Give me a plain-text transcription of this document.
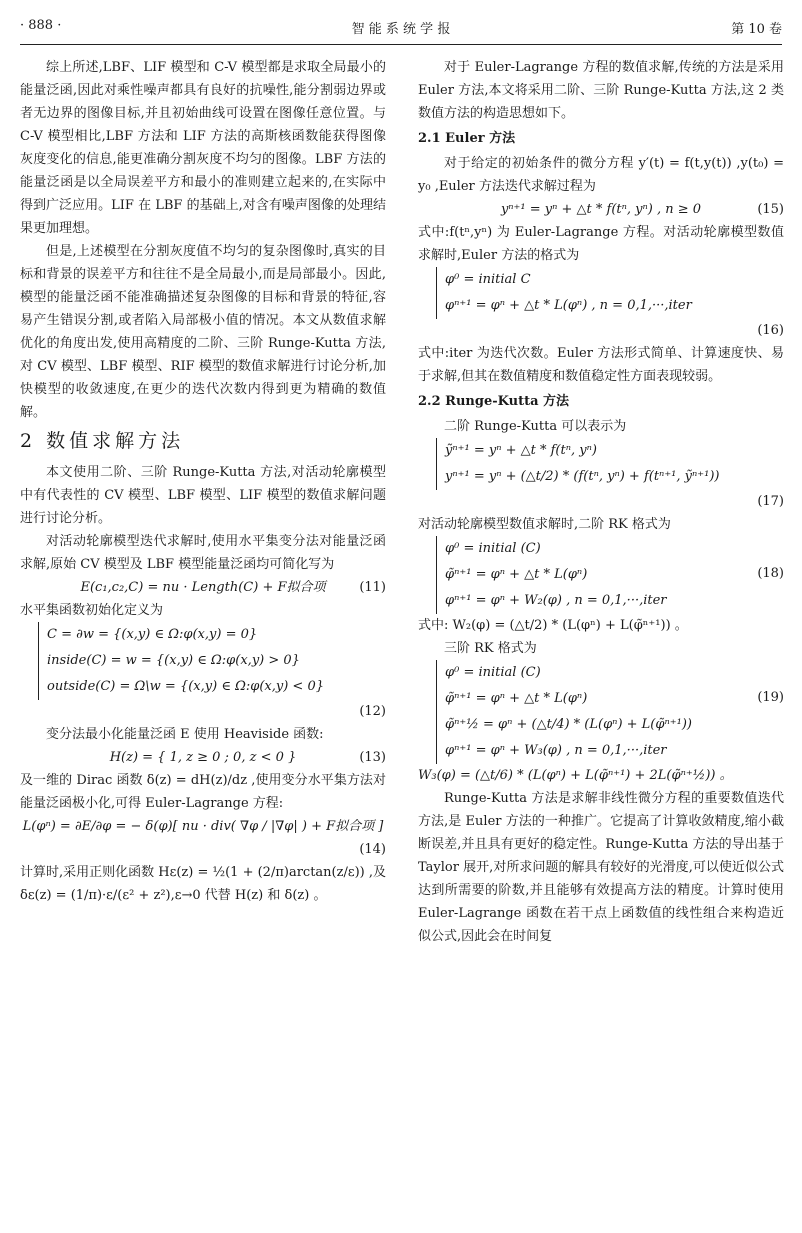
· 888 ·	智 能 系 统 学 报	第 10 卷

综上所述,LBF、LIF 模型和 C-V 模型都是求取全局最小的能量泛函,因此对乘性噪声都具有良好的抗噪性,能分割弱边界或者无边界的图像目标,并且初始曲线可设置在图像任意位置。与 C-V 模型相比,LBF 方法和 LIF 方法的高斯核函数能获得图像灰度变化的信息,能更准确分割灰度不均匀的图像。LBF 方法的能量泛函是以全局误差平方和最小的准则建立起来的,在实际中得到广泛应用。LIF 在 LBF 的基础上,对含有噪声图像的处理结果更加理想。

但是,上述模型在分割灰度值不均匀的复杂图像时,真实的目标和背景的误差平方和往往不是全局最小,而是局部最小。因此,模型的能量泛函不能准确描述复杂图像的目标和背景的特征,容易产生错误分割,或者陷入局部极小值的情况。本文从数值求解优化的角度出发,使用高精度的二阶、三阶 Runge-Kutta 方法,对 CV 模型、LBF 模型、RIF 模型的数值求解进行讨论分析,加快模型的收敛速度,在更少的迭代次数内得到更为精确的数值解。

2 数值求解方法

本文使用二阶、三阶 Runge-Kutta 方法,对活动轮廓模型中有代表性的 CV 模型、LBF 模型、LIF 模型的数值求解问题进行讨论分析。

对活动轮廓模型迭代求解时,使用水平集变分法对能量泛函求解,原始 CV 模型及 LBF 模型能量泛函均可简化写为

E(c₁,c₂,C) = nu · Length(C) + F拟合项	(11)

水平集函数初始化定义为

C = ∂w = {(x,y) ∈ Ω:φ(x,y) = 0}
inside(C) = w = {(x,y) ∈ Ω:φ(x,y) > 0}
outside(C) = Ω\w = {(x,y) ∈ Ω:φ(x,y) < 0}
(12)

变分法最小化能量泛函 E 使用 Heaviside 函数:

H(z) = { 1, z ≥ 0 ; 0, z < 0 }	(13)

及一维的 Dirac 函数 δ(z) = dH(z)/dz ,使用变分水平集方法对能量泛函极小化,可得 Euler-Lagrange 方程:

L(φⁿ) = ∂E/∂φ = − δ(φ)[ nu · div( ∇φ / |∇φ| ) + F拟合项 ]
(14)

计算时,采用正则化函数 Hε(z) = ½(1 + (2/π)arctan(z/ε)) ,及 δε(z) = (1/π)·ε/(ε² + z²),ε→0 代替 H(z) 和 δ(z) 。

对于 Euler-Lagrange 方程的数值求解,传统的方法是采用 Euler 方法,本文将采用二阶、三阶 Runge-Kutta 方法,这 2 类数值方法的构造思想如下。

2.1 Euler 方法

对于给定的初始条件的微分方程 y′(t) = f(t,y(t)) ,y(t₀) = y₀ ,Euler 方法迭代求解过程为

yⁿ⁺¹ = yⁿ + △t * f(tⁿ, yⁿ) , n ≥ 0	(15)

式中:f(tⁿ,yⁿ) 为 Euler-Lagrange 方程。对活动轮廓模型数值求解时,Euler 方法的格式为

φ⁰ = initial C
φⁿ⁺¹ = φⁿ + △t * L(φⁿ) , n = 0,1,···,iter
(16)

式中:iter 为迭代次数。Euler 方法形式简单、计算速度快、易于求解,但其在数值精度和数值稳定性方面表现较弱。

2.2 Runge-Kutta 方法

二阶 Runge-Kutta 可以表示为

ỹⁿ⁺¹ = yⁿ + △t * f(tⁿ, yⁿ)
yⁿ⁺¹ = yⁿ + (△t/2) * (f(tⁿ, yⁿ) + f(tⁿ⁺¹, ỹⁿ⁺¹))
(17)

对活动轮廓模型数值求解时,二阶 RK 格式为

φ⁰ = initial (C)
φ̃ⁿ⁺¹ = φⁿ + △t * L(φⁿ)
φⁿ⁺¹ = φⁿ + W₂(φ) , n = 0,1,···,iter
(18)

式中: W₂(φ) = (△t/2) * (L(φⁿ) + L(φ̃ⁿ⁺¹)) 。

三阶 RK 格式为

φ⁰ = initial (C)
φ̃ⁿ⁺¹ = φⁿ + △t * L(φⁿ)
φ̃ⁿ⁺½ = φⁿ + (△t/4) * (L(φⁿ) + L(φ̃ⁿ⁺¹))
φⁿ⁺¹ = φⁿ + W₃(φ) , n = 0,1,···,iter
(19)
W₃(φ) = (△t/6) * (L(φⁿ) + L(φ̃ⁿ⁺¹) + 2L(φ̃ⁿ⁺½)) 。

Runge-Kutta 方法是求解非线性微分方程的重要数值迭代方法,是 Euler 方法的一种推广。它提高了计算收敛精度,缩小截断误差,并且具有更好的稳定性。Runge-Kutta 方法的导出基于 Taylor 展开,对所求问题的解具有较好的光滑度,可以使近似公式达到所需要的阶数,并且能够有效提高方法的精度。计算时使用 Euler-Lagrange 函数在若干点上函数值的线性组合来构造近似公式,因此会在时间复
